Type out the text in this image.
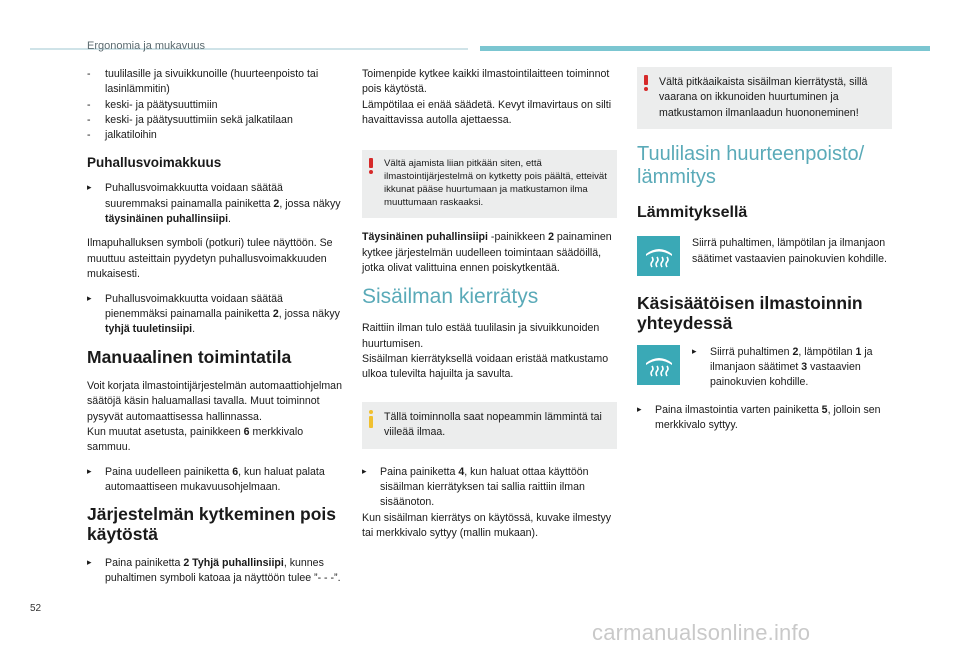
Ergonomia ja mukavuus
- tuulilasille ja sivuikkunoille (huurteenpoisto tai lasinlämmitin)
- keski- ja päätysuuttimiin
- keski- ja päätysuuttimiin sekä jalkatilaan
- jalkatiloihin
Puhallusvoimakkuus
▸ Puhallusvoimakkuutta voidaan säätää suuremmaksi painamalla painiketta 2, jossa näkyy täysinäinen puhallinsiipi.

Ilmapuhalluksen symboli (potkuri) tulee näyttöön. Se muuttuu asteittain pyydetyn puhallusvoimakkuuden mukaisesti.

▸ Puhallusvoimakkuutta voidaan säätää pienemmäksi painamalla painiketta 2, jossa näkyy tyhjä tuuletinsiipi.
Manuaalinen toimintatila

Voit korjata ilmastointijärjestelmän automaattiohjelman säätöjä käsin haluamallasi tavalla. Muut toiminnot pysyvät automaattisessa hallinnassa.
Kun muutat asetusta, painikkeen 6 merkkivalo sammuu.

▸ Paina uudelleen painiketta 6, kun haluat palata automaattiseen mukavuusohjelmaan.
Järjestelmän kytkeminen pois käytöstä
▸ Paina painiketta 2 Tyhjä puhallinsiipi, kunnes puhaltimen symboli katoaa ja näyttöön tulee ”- - -”.

Toimenpide kytkee kaikki ilmastointilaitteen toiminnot pois käytöstä.
Lämpötilaa ei enää säädetä. Kevyt ilmavirtaus on silti havaittavissa autolla ajettaessa.

Vältä ajamista liian pitkään siten, että ilmastointijärjestelmä on kytketty pois päältä, etteivät ikkunat pääse huurtumaan ja matkustamon ilma muuttumaan raskaaksi.

Täysinäinen puhallinsiipi -painikkeen 2 painaminen kytkee järjestelmän uudelleen toimintaan säädöillä, jotka olivat valittuina ennen poiskytkentää.

Sisäilman kierrätys

Raittiin ilman tulo estää tuulilasin ja sivuikkunoiden huurtumisen.
Sisäilman kierrätyksellä voidaan eristää matkustamo ulkoa tulevilta hajuilta ja savulta.

Tällä toiminnolla saat nopeammin lämmintä tai viileää ilmaa.
▸ Paina painiketta 4, kun haluat ottaa käyttöön sisäilman kierrätyksen tai sallia raittiin ilman sisäänoton.

Kun sisäilman kierrätys on käytössä, kuvake ilmestyy tai merkkivalo syttyy (mallin mukaan).

Vältä pitkäaikaista sisäilman kierrätystä, sillä vaarana on ikkunoiden huurtuminen ja matkustamon ilmanlaadun huononeminen!
Tuulilasin huurteenpoisto/ lämmitys
Lämmityksellä
Siirrä puhaltimen, lämpötilan ja ilmanjaon säätimet vastaavien painokuvien kohdille.
Käsisäätöisen ilmastoinnin yhteydessä
▸ Siirrä puhaltimen 2, lämpötilan 1 ja ilmanjaon säätimet 3 vastaavien painokuvien kohdille.
▸ Paina ilmastointia varten painiketta 5, jolloin sen merkkivalo syttyy.
52
carmanualsonline.info
